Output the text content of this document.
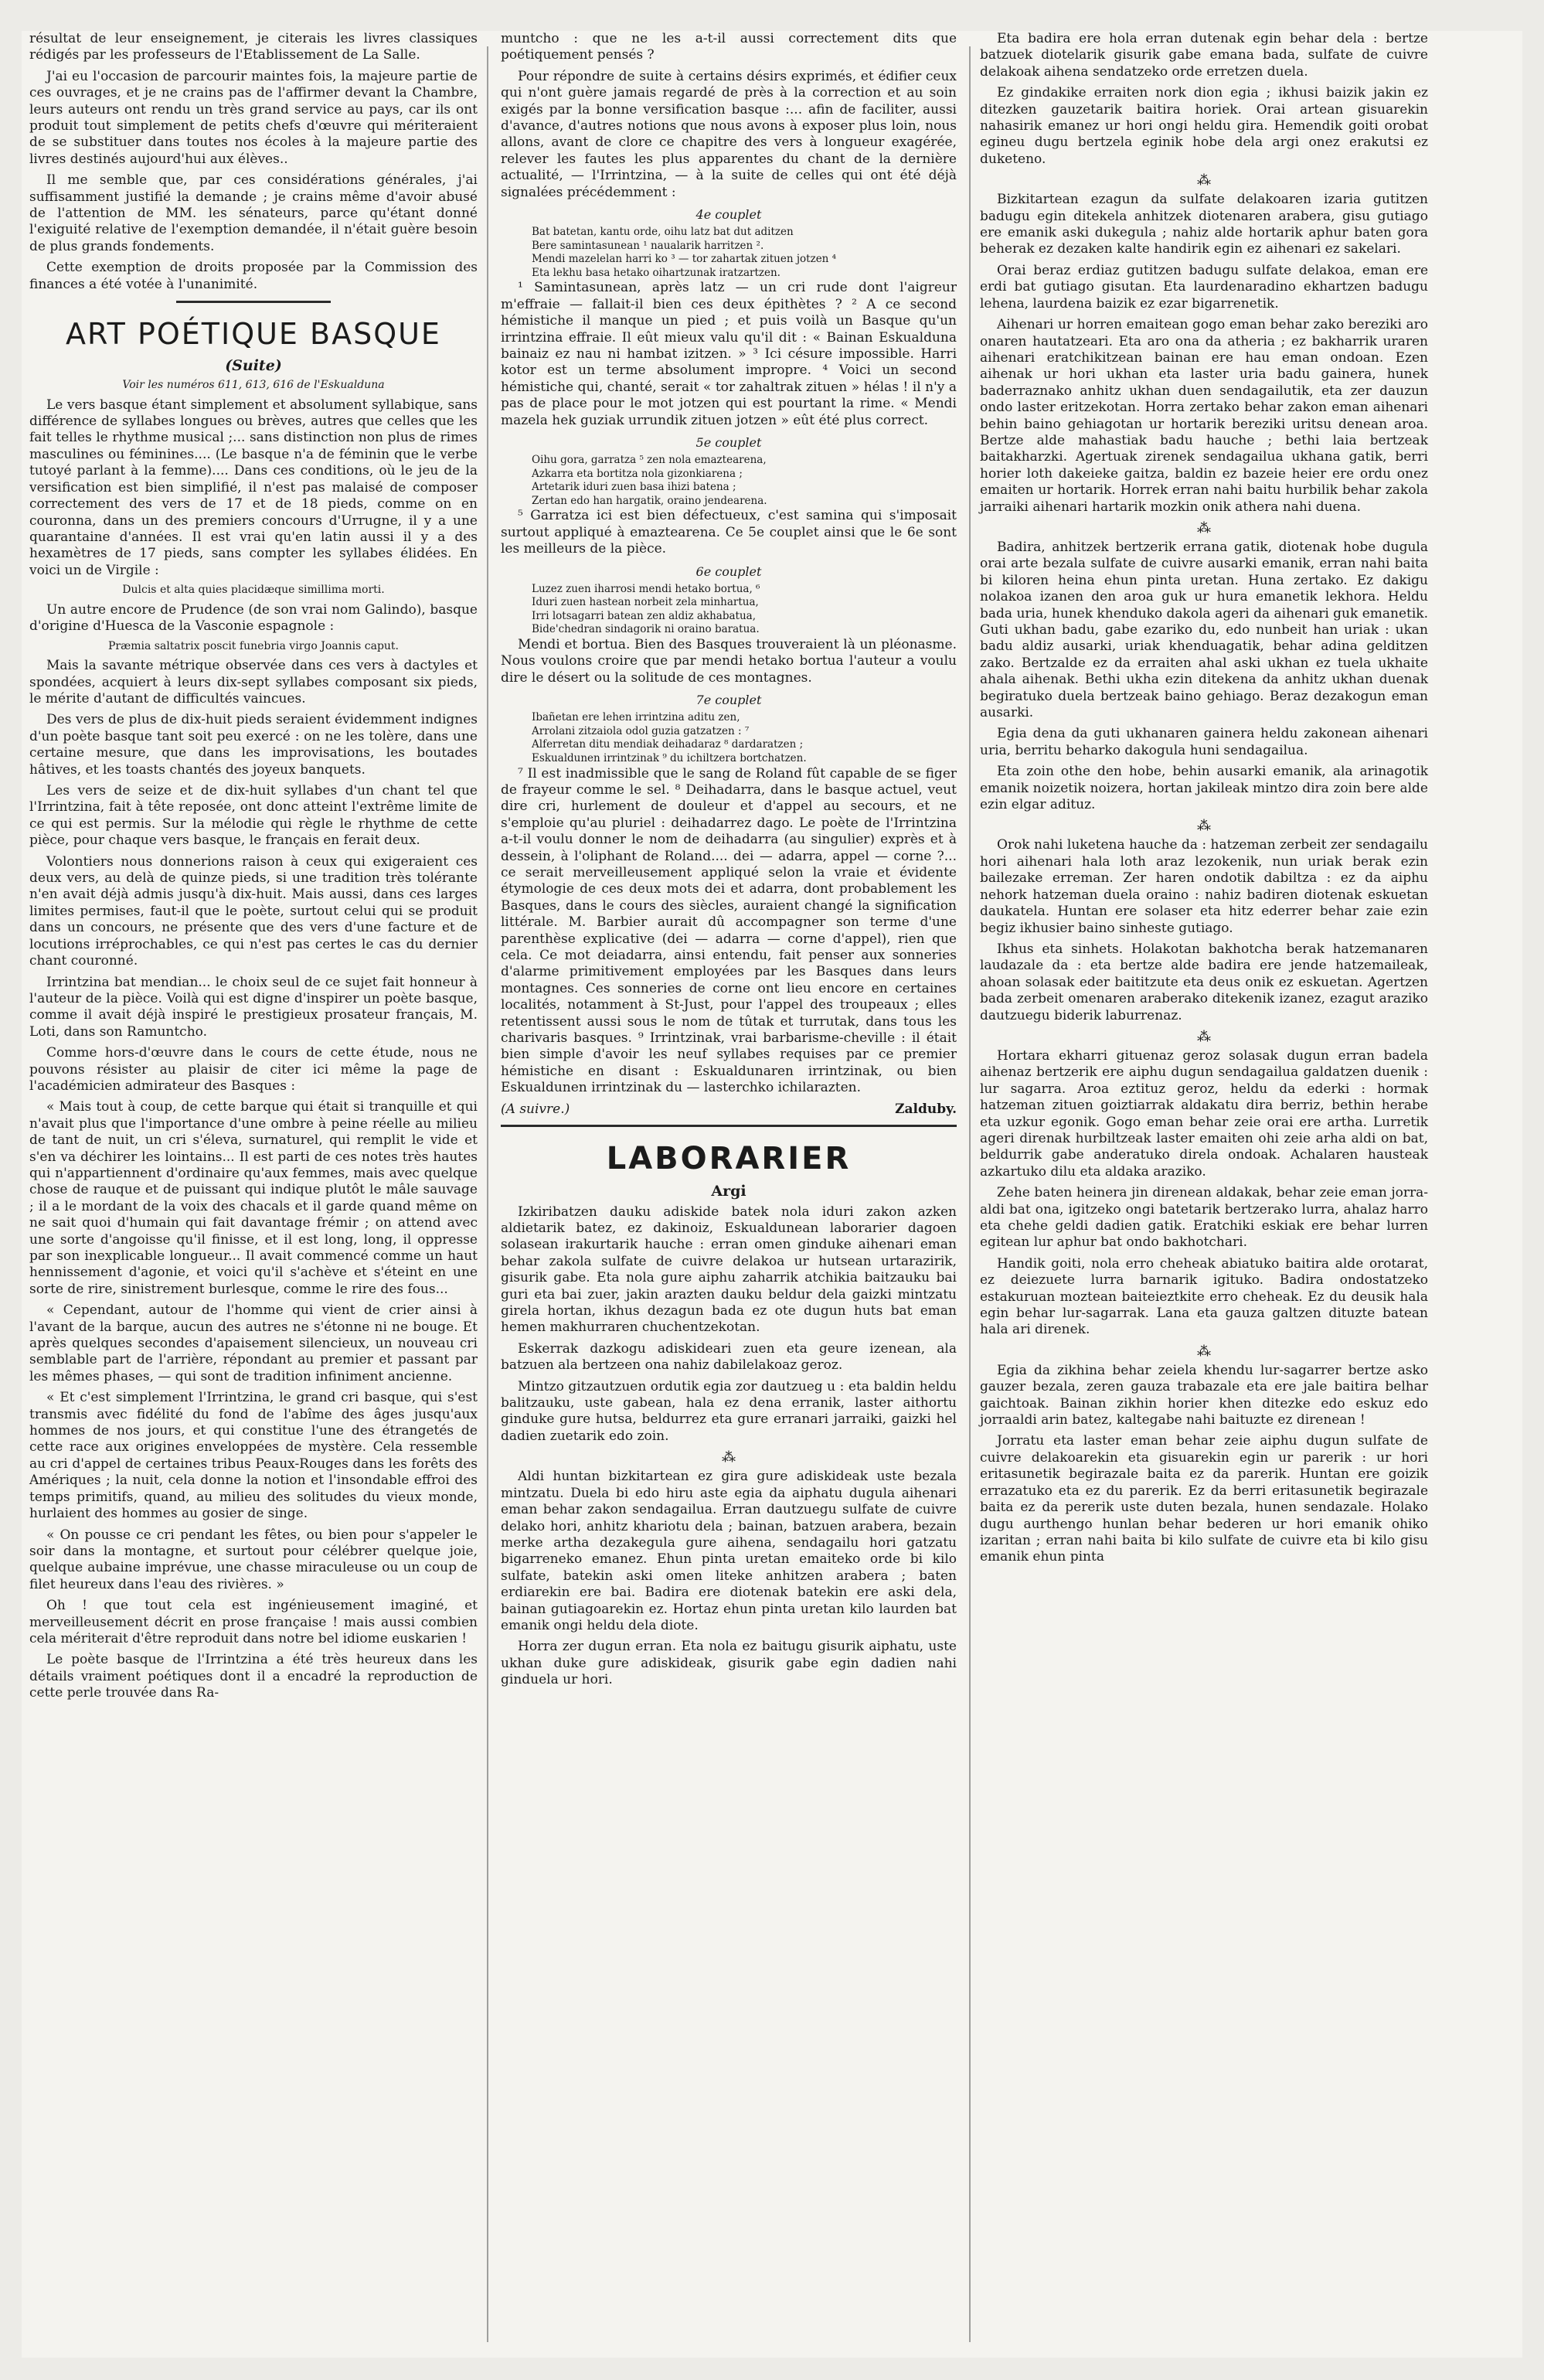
résultat de leur enseignement, je citerais les livres classiques rédigés par les professeurs de l'Etablissement de La Salle.

J'ai eu l'occasion de parcourir maintes fois, la majeure partie de ces ouvrages, et je ne crains pas de l'affirmer devant la Chambre, leurs auteurs ont rendu un très grand service au pays, car ils ont produit tout simplement de petits chefs d'œuvre qui mériteraient de se substituer dans toutes nos écoles à la majeure partie des livres destinés aujourd'hui aux élèves..

Il me semble que, par ces considérations générales, j'ai suffisamment justifié la demande ; je crains même d'avoir abusé de l'attention de MM. les sénateurs, parce qu'étant donné l'exiguité relative de l'exemption demandée, il n'était guère besoin de plus grands fondements.

Cette exemption de droits proposée par la Commission des finances a été votée à l'unanimité.

ART POÉTIQUE BASQUE

(Suite)

Voir les numéros 611, 613, 616 de l'Eskualduna

Le vers basque étant simplement et absolument syllabique, sans différence de syllabes longues ou brèves, autres que celles que les fait telles le rhythme musical ;... sans distinction non plus de rimes masculines ou féminines.... (Le basque n'a de féminin que le verbe tutoyé parlant à la femme).... Dans ces conditions, où le jeu de la versification est bien simplifié, il n'est pas malaisé de composer correctement des vers de 17 et de 18 pieds, comme on en couronna, dans un des premiers concours d'Urrugne, il y a une quarantaine d'années. Il est vrai qu'en latin aussi il y a des hexamètres de 17 pieds, sans compter les syllabes élidées. En voici un de Virgile :

Dulcis et alta quies placidæque simillima morti.

Un autre encore de Prudence (de son vrai nom Galindo), basque d'origine d'Huesca de la Vasconie espagnole :

Præmia saltatrix poscit funebria virgo Joannis caput.

Mais la savante métrique observée dans ces vers à dactyles et spondées, acquiert à leurs dix-sept syllabes composant six pieds, le mérite d'autant de difficultés vaincues.

Des vers de plus de dix-huit pieds seraient évidemment indignes d'un poète basque tant soit peu exercé : on ne les tolère, dans une certaine mesure, que dans les improvisations, les boutades hâtives, et les toasts chantés des joyeux banquets.

Les vers de seize et de dix-huit syllabes d'un chant tel que l'Irrintzina, fait à tête reposée, ont donc atteint l'extrême limite de ce qui est permis. Sur la mélodie qui règle le rhythme de cette pièce, pour chaque vers basque, le français en ferait deux.

Volontiers nous donnerions raison à ceux qui exigeraient ces deux vers, au delà de quinze pieds, si une tradition très tolérante n'en avait déjà admis jusqu'à dix-huit. Mais aussi, dans ces larges limites permises, faut-il que le poète, surtout celui qui se produit dans un concours, ne présente que des vers d'une facture et de locutions irréprochables, ce qui n'est pas certes le cas du dernier chant couronné.

Irrintzina bat mendian... le choix seul de ce sujet fait honneur à l'auteur de la pièce. Voilà qui est digne d'inspirer un poète basque, comme il avait déjà inspiré le prestigieux prosateur français, M. Loti, dans son Ramuntcho.

Comme hors-d'œuvre dans le cours de cette étude, nous ne pouvons résister au plaisir de citer ici même la page de l'académicien admirateur des Basques :

« Mais tout à coup, de cette barque qui était si tranquille et qui n'avait plus que l'importance d'une ombre à peine réelle au milieu de tant de nuit, un cri s'éleva, surnaturel, qui remplit le vide et s'en va déchirer les lointains... Il est parti de ces notes très hautes qui n'appartiennent d'ordinaire qu'aux femmes, mais avec quelque chose de rauque et de puissant qui indique plutôt le mâle sauvage ; il a le mordant de la voix des chacals et il garde quand même on ne sait quoi d'humain qui fait davantage frémir ; on attend avec une sorte d'angoisse qu'il finisse, et il est long, long, il oppresse par son inexplicable longueur... Il avait commencé comme un haut hennissement d'agonie, et voici qu'il s'achève et s'éteint en une sorte de rire, sinistrement burlesque, comme le rire des fous...

« Cependant, autour de l'homme qui vient de crier ainsi à l'avant de la barque, aucun des autres ne s'étonne ni ne bouge. Et après quelques secondes d'apaisement silencieux, un nouveau cri semblable part de l'arrière, répondant au premier et passant par les mêmes phases, — qui sont de tradition infiniment ancienne.

« Et c'est simplement l'Irrintzina, le grand cri basque, qui s'est transmis avec fidélité du fond de l'abîme des âges jusqu'aux hommes de nos jours, et qui constitue l'une des étrangetés de cette race aux origines enveloppées de mystère. Cela ressemble au cri d'appel de certaines tribus Peaux-Rouges dans les forêts des Amériques ; la nuit, cela donne la notion et l'insondable effroi des temps primitifs, quand, au milieu des solitudes du vieux monde, hurlaient des hommes au gosier de singe.

« On pousse ce cri pendant les fêtes, ou bien pour s'appeler le soir dans la montagne, et surtout pour célébrer quelque joie, quelque aubaine imprévue, une chasse miraculeuse ou un coup de filet heureux dans l'eau des rivières. »

Oh ! que tout cela est ingénieusement imaginé, et merveilleusement décrit en prose française ! mais aussi combien cela mériterait d'être reproduit dans notre bel idiome euskarien !

Le poète basque de l'Irrintzina a été très heureux dans les détails vraiment poétiques dont il a encadré la reproduction de cette perle trouvée dans Ra-

muntcho : que ne les a-t-il aussi correctement dits que poétiquement pensés ?

Pour répondre de suite à certains désirs exprimés, et édifier ceux qui n'ont guère jamais regardé de près à la correction et au soin exigés par la bonne versification basque :... afin de faciliter, aussi d'avance, d'autres notions que nous avons à exposer plus loin, nous allons, avant de clore ce chapitre des vers à longueur exagérée, relever les fautes les plus apparentes du chant de la dernière actualité, — l'Irrintzina, — à la suite de celles qui ont été déjà signalées précédemment :

4e couplet

Bat batetan, kantu orde, oihu latz bat dut aditzen

Bere samintasunean ¹ naualarik harritzen ².

Mendi mazelelan harri ko ³ — tor zahartak zituen jotzen ⁴

Eta lekhu basa hetako oihartzunak iratzartzen.

¹ Samintasunean, après latz — un cri rude dont l'aigreur m'effraie — fallait-il bien ces deux épithètes ? ² A ce second hémistiche il manque un pied ; et puis voilà un Basque qu'un irrintzina effraie. Il eût mieux valu qu'il dit : « Bainan Eskualduna bainaiz ez nau ni hambat izitzen. » ³ Ici césure impossible. Harri kotor est un terme absolument impropre. ⁴ Voici un second hémistiche qui, chanté, serait « tor zahaltrak zituen » hélas ! il n'y a pas de place pour le mot jotzen qui est pourtant la rime. « Mendi mazela hek guziak urrundik zituen jotzen » eût été plus correct.

5e couplet

Oihu gora, garratza ⁵ zen nola emaztearena,

Azkarra eta bortitza nola gizonkiarena ;

Artetarik iduri zuen basa ihizi batena ;

Zertan edo han hargatik, oraino jendearena.

⁵ Garratza ici est bien défectueux, c'est samina qui s'imposait surtout appliqué à emaztearena. Ce 5e couplet ainsi que le 6e sont les meilleurs de la pièce.

6e couplet

Luzez zuen iharrosi mendi hetako bortua, ⁶

Iduri zuen hastean norbeit zela minhartua,

Irri lotsagarri batean zen aldiz akhabatua,

Bide'chedran sindagorik ni oraino baratua.

Mendi et bortua. Bien des Basques trouveraient là un pléonasme. Nous voulons croire que par mendi hetako bortua l'auteur a voulu dire le désert ou la solitude de ces montagnes.

7e couplet

Ibañetan ere lehen irrintzina aditu zen,

Arrolani zitzaiola odol guzia gatzatzen : ⁷

Alferretan ditu mendiak deihadaraz ⁸ dardaratzen ;

Eskualdunen irrintzinak ⁹ du ichiltzera bortchatzen.

⁷ Il est inadmissible que le sang de Roland fût capable de se figer de frayeur comme le sel. ⁸ Deihadarra, dans le basque actuel, veut dire cri, hurlement de douleur et d'appel au secours, et ne s'emploie qu'au pluriel : deihadarrez dago. Le poète de l'Irrintzina a-t-il voulu donner le nom de deihadarra (au singulier) exprès et à dessein, à l'oliphant de Roland.... dei — adarra, appel — corne ?... ce serait merveilleusement appliqué selon la vraie et évidente étymologie de ces deux mots dei et adarra, dont probablement les Basques, dans le cours des siècles, auraient changé la signification littérale. M. Barbier aurait dû accompagner son terme d'une parenthèse explicative (dei — adarra — corne d'appel), rien que cela. Ce mot deiadarra, ainsi entendu, fait penser aux sonneries d'alarme primitivement employées par les Basques dans leurs montagnes. Ces sonneries de corne ont lieu encore en certaines localités, notamment à St-Just, pour l'appel des troupeaux ; elles retentissent aussi sous le nom de tûtak et turrutak, dans tous les charivaris basques. ⁹ Irrintzinak, vrai barbarisme-cheville : il était bien simple d'avoir les neuf syllabes requises par ce premier hémistiche en disant : Eskualdunaren irrintzinak, ou bien Eskualdunen irrintzinak du — lasterchko ichilarazten.

(A suivre.)	Zalduby.
LABORARIER

Argi

Izkiribatzen dauku adiskide batek nola iduri zakon azken aldietarik batez, ez dakinoiz, Eskualdunean laborarier dagoen solasean irakurtarik hauche : erran omen ginduke aihenari eman behar zakola sulfate de cuivre delakoa ur hutsean urtarazirik, gisurik gabe. Eta nola gure aiphu zaharrik atchikia baitzauku bai guri eta bai zuer, jakin arazten dauku beldur dela gaizki mintzatu girela hortan, ikhus dezagun bada ez ote dugun huts bat eman hemen makhurraren chuchentzekotan.

Eskerrak dazkogu adiskideari zuen eta geure izenean, ala batzuen ala bertzeen ona nahiz dabilelakoaz geroz.

Mintzo gitzautzuen ordutik egia zor dautzueg u : eta baldin heldu balitzauku, uste gabean, hala ez dena erranik, laster aithortu ginduke gure hutsa, beldurrez eta gure erranari jarraiki, gaizki hel dadien zuetarik edo zoin.

⁂

Aldi huntan bizkitartean ez gira gure adiskideak uste bezala mintzatu. Duela bi edo hiru aste egia da aiphatu dugula aihenari eman behar zakon sendagailua. Erran dautzuegu sulfate de cuivre delako hori, anhitz khariotu dela ; bainan, batzuen arabera, bezain merke artha dezakegula gure aihena, sendagailu hori gatzatu bigarreneko emanez. Ehun pinta uretan emaiteko orde bi kilo sulfate, batekin aski omen liteke anhitzen arabera ; baten erdiarekin ere bai. Badira ere diotenak batekin ere aski dela, bainan gutiagoarekin ez. Hortaz ehun pinta uretan kilo laurden bat emanik ongi heldu dela diote.

Horra zer dugun erran. Eta nola ez baitugu gisurik aiphatu, uste ukhan duke gure adiskideak, gisurik gabe egin dadien nahi ginduela ur hori.

Eta badira ere hola erran dutenak egin behar dela : bertze batzuek diotelarik gisurik gabe emana bada, sulfate de cuivre delakoak aihena sendatzeko orde erretzen duela.

Ez gindakike erraiten nork dion egia ; ikhusi baizik jakin ez ditezken gauzetarik baitira horiek. Orai artean gisuarekin nahasirik emanez ur hori ongi heldu gira. Hemendik goiti orobat egineu dugu bertzela eginik hobe dela argi onez erakutsi ez duketeno.

⁂

Bizkitartean ezagun da sulfate delakoaren izaria gutitzen badugu egin ditekela anhitzek diotenaren arabera, gisu gutiago ere emanik aski dukegula ; nahiz alde hortarik aphur baten gora beherak ez dezaken kalte handirik egin ez aihenari ez sakelari.

Orai beraz erdiaz gutitzen badugu sulfate delakoa, eman ere erdi bat gutiago gisutan. Eta laurdenaradino ekhartzen badugu lehena, laurdena baizik ez ezar bigarrenetik.

Aihenari ur horren emaitean gogo eman behar zako bereziki aro onaren hautatzeari. Eta aro ona da atheria ; ez bakharrik uraren aihenari eratchikitzean bainan ere hau eman ondoan. Ezen aihenak ur hori ukhan eta laster uria badu gainera, hunek baderraznako anhitz ukhan duen sendagailutik, eta zer dauzun ondo laster eritzekotan. Horra zertako behar zakon eman aihenari behin baino gehiagotan ur hortarik bereziki uritsu denean aroa. Bertze alde mahastiak badu hauche ; bethi laia bertzeak baitakharzki. Agertuak zirenek sendagailua ukhana gatik, berri horier loth dakeieke gaitza, baldin ez bazeie heier ere ordu onez emaiten ur hortarik. Horrek erran nahi baitu hurbilik behar zakola jarraiki aihenari hartarik mozkin onik athera nahi duena.

⁂

Badira, anhitzek bertzerik errana gatik, diotenak hobe dugula orai arte bezala sulfate de cuivre ausarki emanik, erran nahi baita bi kiloren heina ehun pinta uretan. Huna zertako. Ez dakigu nolakoa izanen den aroa guk ur hura emanetik lekhora. Heldu bada uria, hunek khenduko dakola ageri da aihenari guk emanetik. Guti ukhan badu, gabe ezariko du, edo nunbeit han uriak : ukan badu aldiz ausarki, uriak khenduagatik, behar adina gelditzen zako. Bertzalde ez da erraiten ahal aski ukhan ez tuela ukhaite ahala aihenak. Bethi ukha ezin ditekena da anhitz ukhan duenak begiratuko duela bertzeak baino gehiago. Beraz dezakogun eman ausarki.

Egia dena da guti ukhanaren gainera heldu zakonean aihenari uria, berritu beharko dakogula huni sendagailua.

Eta zoin othe den hobe, behin ausarki emanik, ala arinagotik emanik noizetik noizera, hortan jakileak mintzo dira zoin bere alde ezin elgar adituz.

⁂

Orok nahi luketena hauche da : hatzeman zerbeit zer sendagailu hori aihenari hala loth araz lezokenik, nun uriak berak ezin bailezake erreman. Zer haren ondotik dabiltza : ez da aiphu nehork hatzeman duela oraino : nahiz badiren diotenak eskuetan daukatela. Huntan ere solaser eta hitz ederrer behar zaie ezin begiz ikhusier baino sinheste gutiago.

Ikhus eta sinhets. Holakotan bakhotcha berak hatzemanaren laudazale da : eta bertze alde badira ere jende hatzemaileak, ahoan solasak eder baititzute eta deus onik ez eskuetan. Agertzen bada zerbeit omenaren araberako ditekenik izanez, ezagut araziko dautzuegu biderik laburrenaz.

⁂

Hortara ekharri gituenaz geroz solasak dugun erran badela aihenaz bertzerik ere aiphu dugun sendagailua galdatzen duenik : lur sagarra. Aroa eztituz geroz, heldu da ederki : hormak hatzeman zituen goiztiarrak aldakatu dira berriz, bethin herabe eta uzkur egonik. Gogo eman behar zeie orai ere artha. Lurretik ageri direnak hurbiltzeak laster emaiten ohi zeie arha aldi on bat, beldurrik gabe anderatuko direla ondoak. Achalaren hausteak azkartuko dilu eta aldaka araziko.

Zehe baten heinera jin direnean aldakak, behar zeie eman jorra-aldi bat ona, igitzeko ongi batetarik bertzerako lurra, ahalaz harro eta chehe geldi dadien gatik. Eratchiki eskiak ere behar lurren egitean lur aphur bat ondo bakhotchari.

Handik goiti, nola erro cheheak abiatuko baitira alde orotarat, ez deiezuete lurra barnarik igituko. Badira ondostatzeko estakuruan moztean baiteieztkite erro cheheak. Ez du deusik hala egin behar lur-sagarrak. Lana eta gauza galtzen dituzte batean hala ari direnek.

⁂

Egia da zikhina behar zeiela khendu lur-sagarrer bertze asko gauzer bezala, zeren gauza trabazale eta ere jale baitira belhar gaichtoak. Bainan zikhin horier khen ditezke edo eskuz edo jorraaldi arin batez, kaltegabe nahi baituzte ez direnean !

Jorratu eta laster eman behar zeie aiphu dugun sulfate de cuivre delakoarekin eta gisuarekin egin ur parerik : ur hori eritasunetik begirazale baita ez da parerik. Huntan ere goizik errazatuko eta ez du parerik. Ez da berri eritasunetik begirazale baita ez da pererik uste duten bezala, hunen sendazale. Holako dugu aurthengo hunlan behar bederen ur hori emanik ohiko izaritan ; erran nahi baita bi kilo sulfate de cuivre eta bi kilo gisu emanik ehun pinta
